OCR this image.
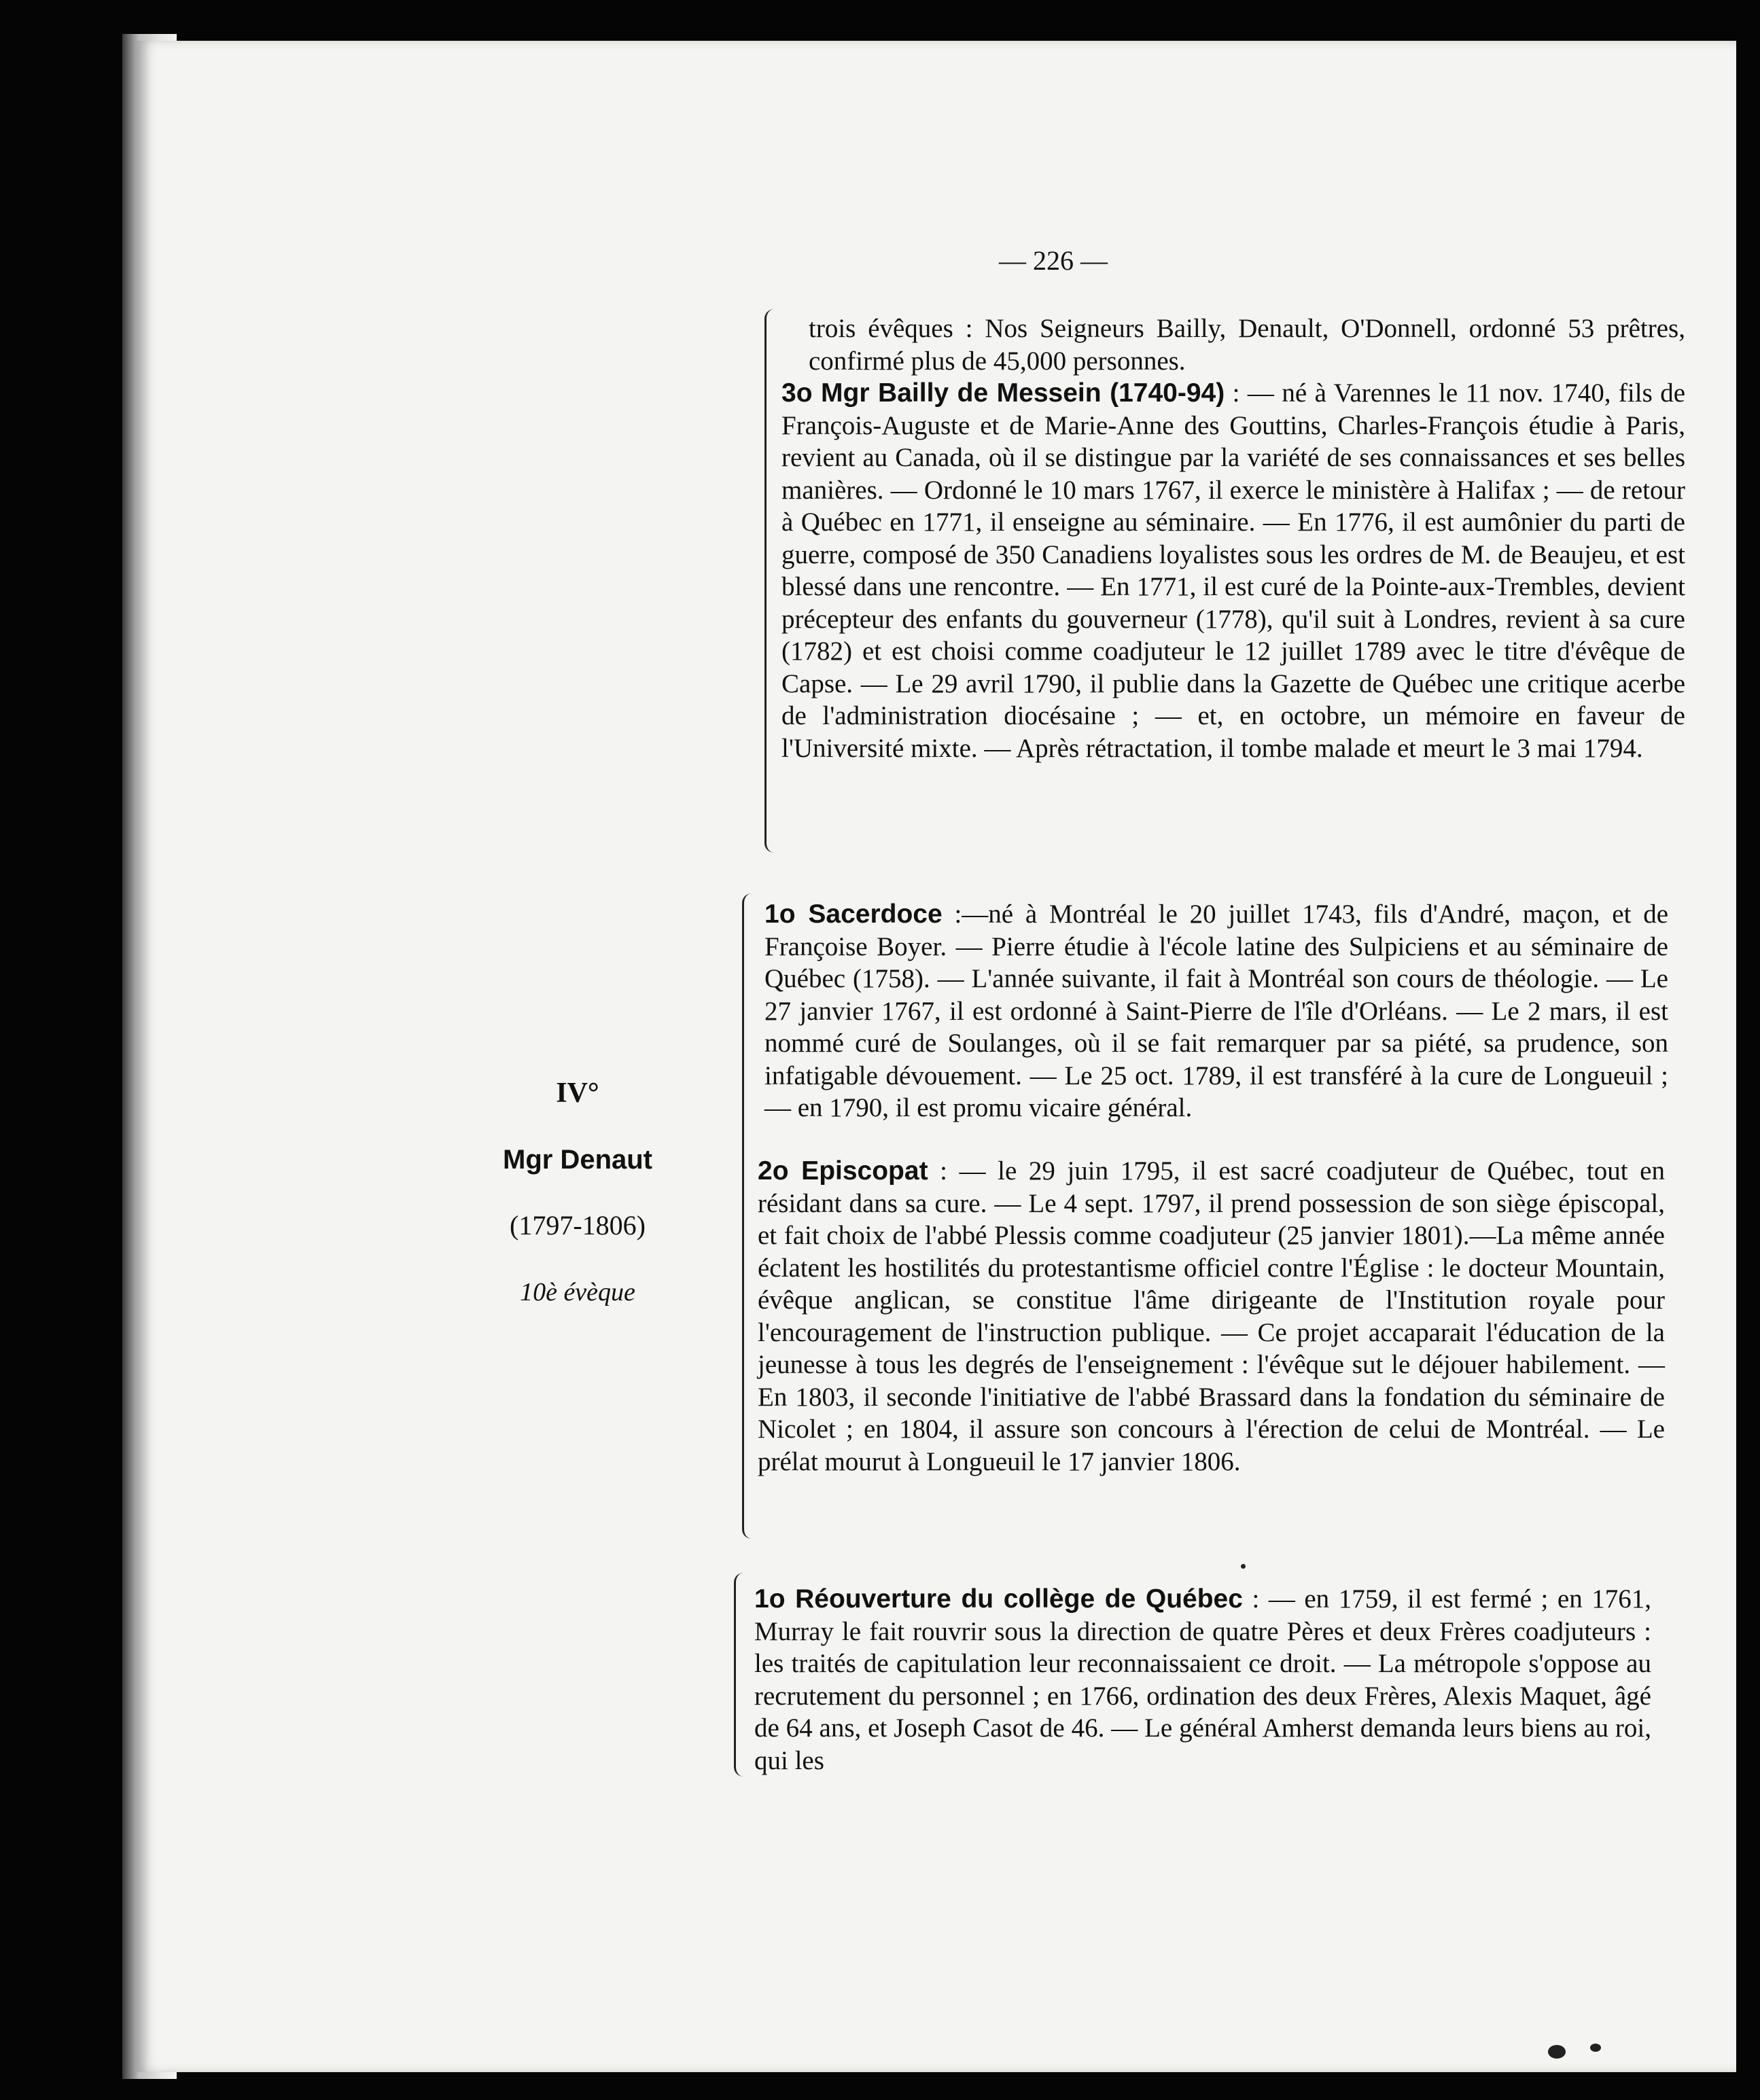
— 226 —

trois évêques : Nos Seigneurs Bailly, Denault, O'Donnell, ordonné 53 prêtres, confirmé plus de 45,000 personnes.

3o Mgr Bailly de Messein (1740-94) : — né à Varennes le 11 nov. 1740, fils de François-Auguste et de Marie-Anne des Gouttins, Charles-François étudie à Paris, revient au Canada, où il se distingue par la variété de ses connaissances et ses belles manières. — Ordonné le 10 mars 1767, il exerce le ministère à Halifax ; — de retour à Québec en 1771, il enseigne au séminaire. — En 1776, il est aumônier du parti de guerre, composé de 350 Canadiens loyalistes sous les ordres de M. de Beaujeu, et est blessé dans une rencontre. — En 1771, il est curé de la Pointe-aux-Trembles, devient précepteur des enfants du gouverneur (1778), qu'il suit à Londres, revient à sa cure (1782) et est choisi comme coadjuteur le 12 juillet 1789 avec le titre d'évêque de Capse. — Le 29 avril 1790, il publie dans la Gazette de Québec une critique acerbe de l'administration diocésaine ; — et, en octobre, un mémoire en faveur de l'Université mixte. — Après rétractation, il tombe malade et meurt le 3 mai 1794.

IV°
Mgr Denaut
(1797-1806)
10è évèque

1o Sacerdoce :—né à Montréal le 20 juillet 1743, fils d'André, maçon, et de Françoise Boyer. — Pierre étudie à l'école latine des Sulpiciens et au séminaire de Québec (1758). — L'année suivante, il fait à Montréal son cours de théologie. — Le 27 janvier 1767, il est ordonné à Saint-Pierre de l'île d'Orléans. — Le 2 mars, il est nommé curé de Soulanges, où il se fait remarquer par sa piété, sa prudence, son infatigable dévouement. — Le 25 oct. 1789, il est transféré à la cure de Longueuil ; — en 1790, il est promu vicaire général.

2o Episcopat : — le 29 juin 1795, il est sacré coadjuteur de Québec, tout en résidant dans sa cure. — Le 4 sept. 1797, il prend possession de son siège épiscopal, et fait choix de l'abbé Plessis comme coadjuteur (25 janvier 1801).—La même année éclatent les hostilités du protestantisme officiel contre l'Église : le docteur Mountain, évêque anglican, se constitue l'âme dirigeante de l'Institution royale pour l'encouragement de l'instruction publique. — Ce projet accaparait l'éducation de la jeunesse à tous les degrés de l'enseignement : l'évêque sut le déjouer habilement. — En 1803, il seconde l'initiative de l'abbé Brassard dans la fondation du séminaire de Nicolet ; en 1804, il assure son concours à l'érection de celui de Montréal. — Le prélat mourut à Longueuil le 17 janvier 1806.

1o Réouverture du collège de Québec : — en 1759, il est fermé ; en 1761, Murray le fait rouvrir sous la direction de quatre Pères et deux Frères coadjuteurs : les traités de capitulation leur reconnaissaient ce droit. — La métropole s'oppose au recrutement du personnel ; en 1766, ordination des deux Frères, Alexis Maquet, âgé de 64 ans, et Joseph Casot de 46. — Le général Amherst demanda leurs biens au roi, qui les
